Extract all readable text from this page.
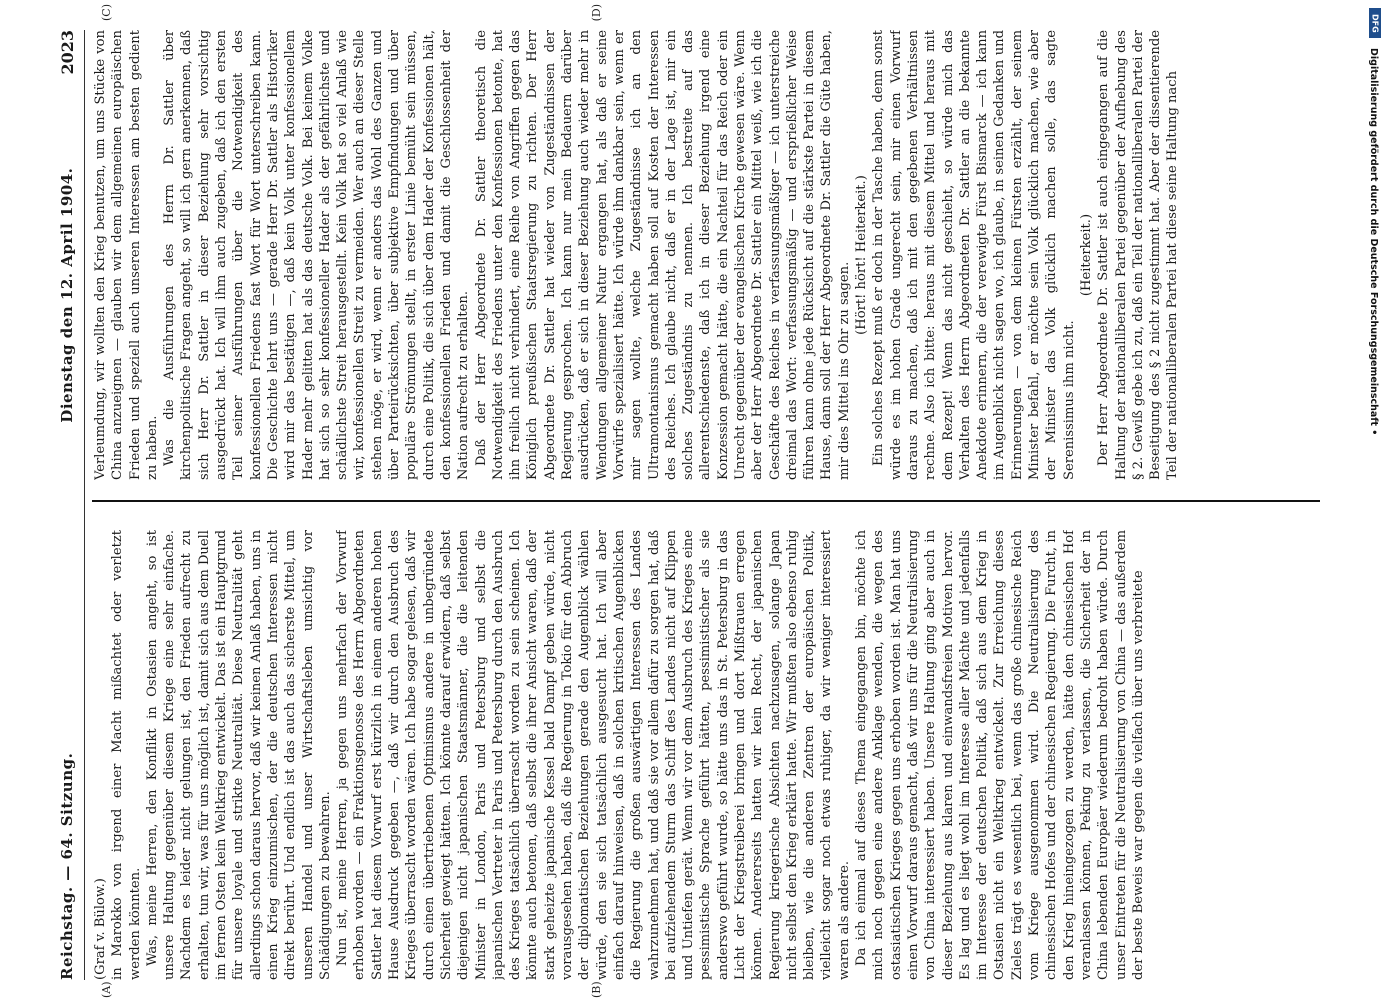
Reichstag. — 64. Sitzung.
Dienstag den 12. April 1904.
2023
(A)	(B)
(C)	(D)

(Graf v. Bülow.) in Marokko von irgend einer Macht mißachtet oder verletzt werden könnten. Was, meine Herren, den Konflikt in Ostasien angeht, so ist unsere Haltung gegenüber diesem Kriege eine sehr einfache. Nachdem es leider nicht gelungen ist, den Frieden aufrecht zu erhalten, tun wir, was für uns möglich ist, damit sich aus dem Duell im fernen Osten kein Weltkrieg entwickelt. Das ist ein Hauptgrund für unsere loyale und strikte Neutralität. Diese Neutralität geht allerdings schon daraus hervor, daß wir keinen Anlaß haben, uns in einen Krieg einzumischen, der die deutschen Interessen nicht direkt berührt. Und endlich ist das auch das sicherste Mittel, um unseren Handel und unser Wirtschaftsleben umsichtig vor Schädigungen zu bewahren. Nun ist, meine Herren, ja gegen uns mehrfach der Vorwurf erhoben worden — ein Fraktionsgenosse des Herrn Abgeordneten Sattler hat diesem Vorwurf erst kürzlich in einem anderen hohen Hause Ausdruck gegeben —, daß wir durch den Ausbruch des Krieges überrascht worden wären. Ich habe sogar gelesen, daß wir durch einen übertriebenen Optimismus andere in unbegründete Sicherheit gewiegt hätten. Ich könnte darauf erwidern, daß selbst diejenigen nicht japanischen Staatsmänner, die die leitenden Minister in London, Paris und Petersburg und selbst die japanischen Vertreter in Paris und Petersburg durch den Ausbruch des Krieges tatsächlich überrascht worden zu sein scheinen. Ich könnte auch betonen, daß selbst die ihrer Ansicht waren, daß der stark geheizte japanische Kessel bald Dampf geben würde, nicht vorausgesehen haben, daß die Regierung in Tokio für den Abbruch der diplomatischen Beziehungen gerade den Augenblick wählen würde, den sie sich tatsächlich ausgesucht hat. Ich will aber einfach darauf hinweisen, daß in solchen kritischen Augenblicken die Regierung die großen auswärtigen Interessen des Landes wahrzunehmen hat, und daß sie vor allem dafür zu sorgen hat, daß bei aufziehendem Sturm das Schiff des Landes nicht auf Klippen und Untiefen gerät. Wenn wir vor dem Ausbruch des Krieges eine pessimistische Sprache geführt hätten, pessimistischer als sie anderswo geführt wurde, so hätte uns das in St. Petersburg in das Licht der Kriegstreiberei bringen und dort Mißtrauen erregen können. Andererseits hatten wir kein Recht, der japanischen Regierung kriegerische Absichten nachzusagen, solange Japan nicht selbst den Krieg erklärt hatte. Wir mußten also ebenso ruhig bleiben, wie die anderen Zentren der europäischen Politik, vielleicht sogar noch etwas ruhiger, da wir weniger interessiert waren als andere. Da ich einmal auf dieses Thema eingegangen bin, möchte ich mich noch gegen eine andere Anklage wenden, die wegen des ostasiatischen Krieges gegen uns erhoben worden ist. Man hat uns einen Vorwurf daraus gemacht, daß wir uns für die Neutralisierung von China interessiert haben. Unsere Haltung ging aber auch in dieser Beziehung aus klaren und einwandsfreien Motiven hervor. Es lag und es liegt wohl im Interesse aller Mächte und jedenfalls im Interesse der deutschen Politik, daß sich aus dem Krieg in Ostasien nicht ein Weltkrieg entwickelt. Zur Erreichung dieses Zieles trägt es wesentlich bei, wenn das große chinesische Reich vom Kriege ausgenommen wird. Die Neutralisierung des chinesischen Hofes und der chinesischen Regierung. Die Furcht, in den Krieg hineingezogen zu werden, hätte den chinesischen Hof veranlassen können, Peking zu verlassen, die Sicherheit der in China lebenden Europäer wiederum bedroht haben würde. Durch unser Eintreten für die Neutralisierung von China — das außerdem der beste Beweis war gegen die vielfach über uns verbreitete

Verleumdung, wir wollten den Krieg benutzen, um uns Stücke von China anzueignen — glauben wir dem allgemeinen europäischen Frieden und speziell auch unseren Interessen am besten gedient zu haben. Was die Ausführungen des Herrn Dr. Sattler über kirchenpolitische Fragen angeht, so will ich gern anerkennen, daß sich Herr Dr. Sattler in dieser Beziehung sehr vorsichtig ausgedrückt hat. Ich will ihm auch zugeben, daß ich den ersten Teil seiner Ausführungen über die Notwendigkeit des konfessionellen Friedens fast Wort für Wort unterschreiben kann. Die Geschichte lehrt uns — gerade Herr Dr. Sattler als Historiker wird mir das bestätigen —, daß kein Volk unter konfessionellem Hader mehr gelitten hat als das deutsche Volk. Bei keinem Volke hat sich so sehr konfessioneller Hader als der gefährlichste und schädlichste Streit herausgestellt. Kein Volk hat so viel Anlaß wie wir, konfessionellen Streit zu vermeiden. Wer auch an dieser Stelle stehen möge, er wird, wenn er anders das Wohl des Ganzen und über Parteirücksichten, über subjektive Empfindungen und über populäre Strömungen stellt, in erster Linie bemüht sein müssen, durch eine Politik, die sich über dem Hader der Konfessionen hält, den konfessionellen Frieden und damit die Geschlossenheit der Nation aufrecht zu erhalten. Daß der Herr Abgeordnete Dr. Sattler theoretisch die Notwendigkeit des Friedens unter den Konfessionen betonte, hat ihn freilich nicht verhindert, eine Reihe von Angriffen gegen das Königlich preußischen Staatsregierung zu richten. Der Herr Abgeordnete Dr. Sattler hat wieder von Zugeständnissen der Regierung gesprochen. Ich kann nur mein Bedauern darüber ausdrücken, daß er sich in dieser Beziehung auch wieder mehr in Wendungen allgemeiner Natur ergangen hat, als daß er seine Vorwürfe spezialisiert hätte. Ich würde ihm dankbar sein, wenn er mir sagen wollte, welche Zugeständnisse ich an den Ultramontanismus gemacht haben soll auf Kosten der Interessen des Reiches. Ich glaube nicht, daß er in der Lage ist, mir ein solches Zugeständnis zu nennen. Ich bestreite auf das allerentschiedenste, daß ich in dieser Beziehung irgend eine Konzession gemacht hätte, die ein Nachteil für das Reich oder ein Unrecht gegenüber der evangelischen Kirche gewesen wäre. Wenn aber der Herr Abgeordnete Dr. Sattler ein Mittel weiß, wie ich die Geschäfte des Reiches in verfassungsmäßiger — ich unterstreiche dreimal das Wort: verfassungsmäßig — und ersprießlicher Weise führen kann ohne jede Rücksicht auf die stärkste Partei in diesem Hause, dann soll der Herr Abgeordnete Dr. Sattler die Güte haben, mir dies Mittel ins Ohr zu sagen.

(Hört! hört! Heiterkeit.) Ein solches Rezept muß er doch in der Tasche haben, denn sonst würde es im hohen Grade ungerecht sein, mir einen Vorwurf daraus zu machen, daß ich mit den gegebenen Verhältnissen rechne. Also ich bitte: heraus mit diesem Mittel und heraus mit dem Rezept! Wenn das nicht geschieht, so würde mich das Verhalten des Herrn Abgeordneten Dr. Sattler an die bekannte Anekdote erinnern, die der verewigte Fürst Bismarck — ich kann im Augenblick nicht sagen wo, ich glaube, in seinen Gedanken und Erinnerungen — von dem kleinen Fürsten erzählt, der seinem Minister befahl, er möchte sein Volk glücklich machen, wie aber der Minister das Volk glücklich machen solle, das sagte Serenissimus ihm nicht.

(Heiterkeit.) Der Herr Abgeordnete Dr. Sattler ist auch eingegangen auf die Haltung der nationalliberalen Partei gegenüber der Aufhebung des § 2. Gewiß gebe ich zu, daß ein Teil der nationalliberalen Partei der Beseitigung des § 2 nicht zugestimmt hat. Aber der dissentierende Teil der nationalliberalen Partei hat diese seine Haltung nach	Digitalisierung gefördert durch die Deutsche Forschungsgemeinschaft •
DFG
